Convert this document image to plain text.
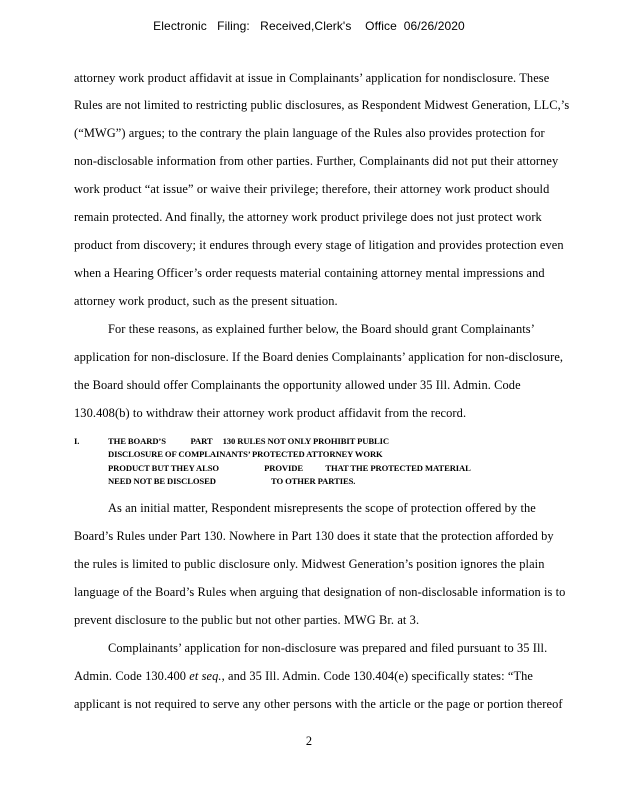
Electronic   Filing:   Received,Clerk's    Office  06/26/2020
attorney work product affidavit at issue in Complainants’ application for nondisclosure. These
Rules are not limited to restricting public disclosures, as Respondent Midwest Generation, LLC,’s
(“MWG”) argues; to the contrary the plain language of the Rules also provides protection for
non-disclosable information from other parties. Further, Complainants did not put their attorney
work product “at issue” or waive their privilege; therefore, their attorney work product should
remain protected. And finally, the attorney work product privilege does not just protect work
product from discovery; it endures through every stage of litigation and provides protection even
when a Hearing Officer’s order requests material containing attorney mental impressions and
attorney work product, such as the present situation.
For these reasons, as explained further below, the Board should grant Complainants’
application for non-disclosure. If the Board denies Complainants’ application for non-disclosure,
the Board should offer Complainants the opportunity allowed under 35 Ill. Admin. Code
130.408(b) to withdraw their attorney work product affidavit from the record.
I.	THE BOARD’S            PART     130 RULES NOT ONLY PROHIBIT PUBLIC
DISCLOSURE OF COMPLAINANTS’ PROTECTED ATTORNEY WORK
PRODUCT BUT THEY ALSO                      PROVIDE           THAT THE PROTECTED MATERIAL
NEED NOT BE DISCLOSED                           TO OTHER PARTIES.
As an initial matter, Respondent misrepresents the scope of protection offered by the
Board’s Rules under Part 130. Nowhere in Part 130 does it state that the protection afforded by
the rules is limited to public disclosure only. Midwest Generation’s position ignores the plain
language of the Board’s Rules when arguing that designation of non-disclosable information is to
prevent disclosure to the public but not other parties. MWG Br. at 3.
Complainants’ application for non-disclosure was prepared and filed pursuant to 35 Ill.
Admin. Code 130.400 et seq., and 35 Ill. Admin. Code 130.404(e) specifically states: “The
applicant is not required to serve any other persons with the article or the page or portion thereof
2
